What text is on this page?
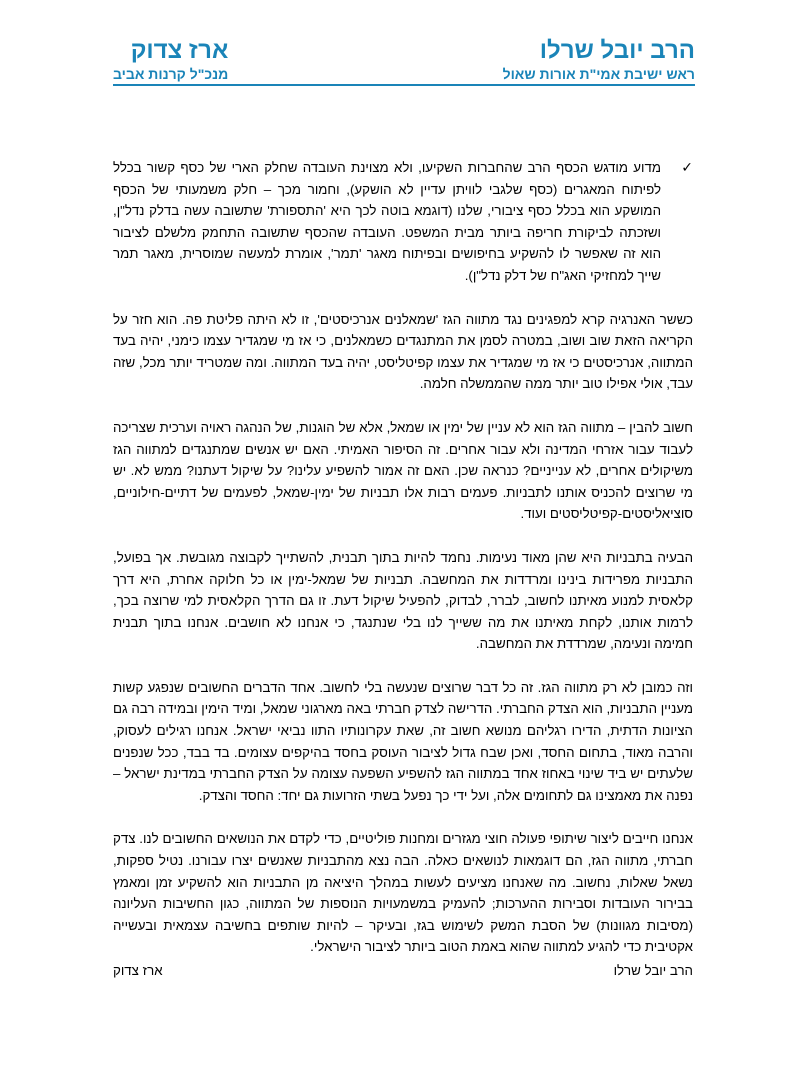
הרב יובל שרלו
ראש ישיבת אמי"ת אורות שאול
ארז צדוק
מנכ"ל קרנות אביב
✓
מדוע מודגש הכסף הרב שהחברות השקיעו, ולא מצוינת העובדה שחלק הארי של כסף קשור בכלל לפיתוח המאגרים (כסף שלגבי לוויתן עדיין לא הושקע), וחמור מכך – חלק משמעותי של הכסף המושקע הוא בכלל כסף ציבורי, שלנו (דוגמא בוטה לכך היא 'התספורת' שתשובה עשה בדלק נדל"ן, ושזכתה לביקורת חריפה ביותר מבית המשפט. העובדה שהכסף שתשובה התחמק מלשלם לציבור הוא זה שאפשר לו להשקיע בחיפושים ובפיתוח מאגר 'תמר', אומרת למעשה שמוסרית, מאגר תמר שייך למחזיקי האג"ח של דלק נדל"ן).

כששר האנרגיה קרא למפגינים נגד מתווה הגז 'שמאלנים אנרכיסטים', זו לא היתה פליטת פה. הוא חזר על הקריאה הזאת שוב ושוב, במטרה לסמן את המתנגדים כשמאלנים, כי אז מי שמגדיר עצמו כימני, יהיה בעד המתווה, אנרכיסטים כי אז מי שמגדיר את עצמו קפיטליסט, יהיה בעד המתווה. ומה שמטריד יותר מכל, שזה עבד, אולי אפילו טוב יותר ממה שהממשלה חלמה.

חשוב להבין – מתווה הגז הוא לא עניין של ימין או שמאל, אלא של הוגנות, של הנהגה ראויה וערכית שצריכה לעבוד עבור אזרחי המדינה ולא עבור אחרים. זה הסיפור האמיתי. האם יש אנשים שמתנגדים למתווה הגז משיקולים אחרים, לא ענייניים? כנראה שכן. האם זה אמור להשפיע עלינו? על שיקול דעתנו? ממש לא. יש מי שרוצים להכניס אותנו לתבניות. פעמים רבות אלו תבניות של ימין-שמאל, לפעמים של דתיים-חילוניים, סוציאליסטים-קפיטליסטים ועוד.

הבעיה בתבניות היא שהן מאוד נעימות. נחמד להיות בתוך תבנית, להשתייך לקבוצה מגובשת. אך בפועל, התבניות מפרידות בינינו ומרדדות את המחשבה. תבניות של שמאל-ימין או כל חלוקה אחרת, היא דרך קלאסית למנוע מאיתנו לחשוב, לברר, לבדוק, להפעיל שיקול דעת. זו גם הדרך הקלאסית למי שרוצה בכך, לרמות אותנו, לקחת מאיתנו את מה ששייך לנו בלי שנתנגד, כי אנחנו לא חושבים. אנחנו בתוך תבנית חמימה ונעימה, שמרדדת את המחשבה.

וזה כמובן לא רק מתווה הגז. זה כל דבר שרוצים שנעשה בלי לחשוב. אחד הדברים החשובים שנפגע קשות מעניין התבניות, הוא הצדק החברתי. הדרישה לצדק חברתי באה מארגוני שמאל, ומיד הימין ובמידה רבה גם הציונות הדתית, הדירו רגליהם מנושא חשוב זה, שאת עקרונותיו התוו נביאי ישראל. אנחנו רגילים לעסוק, והרבה מאוד, בתחום החסד, ואכן שבח גדול לציבור העוסק בחסד בהיקפים עצומים. בד בבד, ככל שנפנים שלעתים יש ביד שינוי באחוז אחד במתווה הגז להשפיע השפעה עצומה על הצדק החברתי במדינת ישראל – נפנה את מאמצינו גם לתחומים אלה, ועל ידי כך נפעל בשתי הזרועות גם יחד: החסד והצדק.

אנחנו חייבים ליצור שיתופי פעולה חוצי מגזרים ומחנות פוליטיים, כדי לקדם את הנושאים החשובים לנו. צדק חברתי, מתווה הגז, הם דוגמאות לנושאים כאלה. הבה נצא מהתבניות שאנשים יצרו עבורנו. נטיל ספקות, נשאל שאלות, נחשוב. מה שאנחנו מציעים לעשות במהלך היציאה מן התבניות הוא להשקיע זמן ומאמץ בבירור העובדות וסבירות ההערכות; להעמיק במשמעויות הנוספות של המתווה, כגון החשיבות העליונה (מסיבות מגוונות) של הסבת המשק לשימוש בגז, ובעיקר – להיות שותפים בחשיבה עצמאית ובעשייה אקטיבית כדי להגיע למתווה שהוא באמת הטוב ביותר לציבור הישראלי.

הרב יובל שרלו
ארז צדוק
